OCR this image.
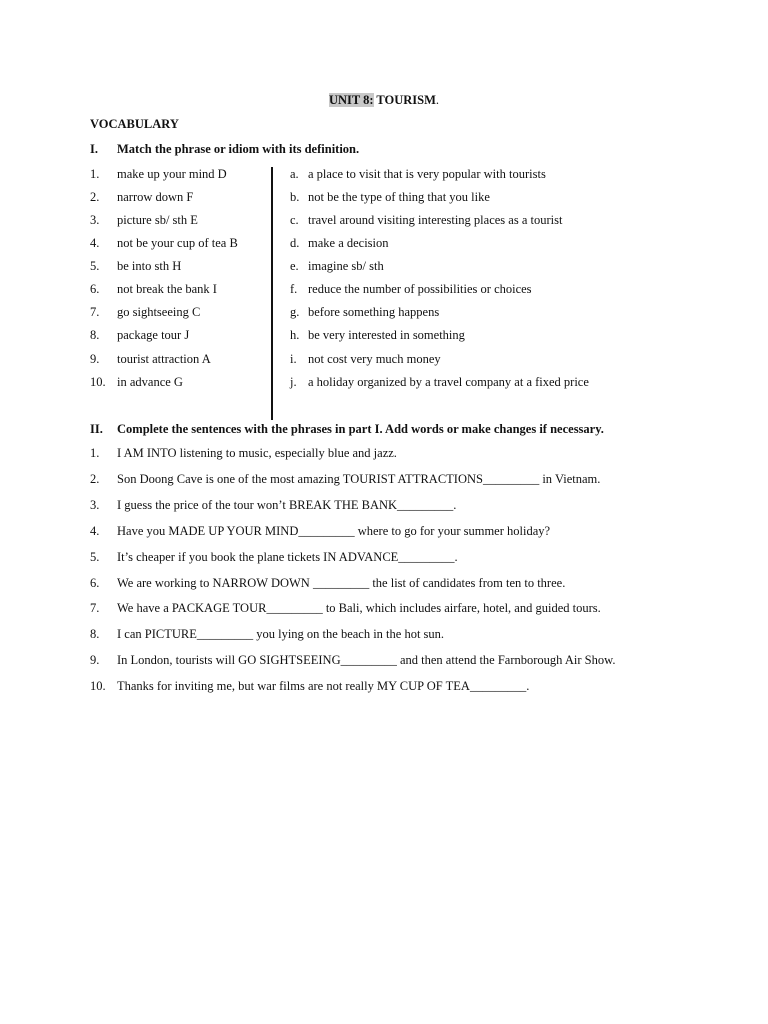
UNIT 8: TOURISM.
VOCABULARY
I. Match the phrase or idiom with its definition.
1. make up your mind D	a. a place to visit that is very popular with tourists
2. narrow down F	b. not be the type of thing that you like
3. picture sb/ sth E	c. travel around visiting interesting places as a tourist
4. not be your cup of tea B	d. make a decision
5. be into sth H	e. imagine sb/ sth
6. not break the bank I	f. reduce the number of possibilities or choices
7. go sightseeing C	g. before something happens
8. package tour J	h. be very interested in something
9. tourist attraction A	i. not cost very much money
10. in advance G	j. a holiday organized by a travel company at a fixed price
II. Complete the sentences with the phrases in part I. Add words or make changes if necessary.
1. I AM INTO listening to music, especially blue and jazz.
2. Son Doong Cave is one of the most amazing TOURIST ATTRACTIONS_________ in Vietnam.
3. I guess the price of the tour won’t BREAK THE BANK_________.
4. Have you MADE UP YOUR MIND_________ where to go for your summer holiday?
5. It’s cheaper if you book the plane tickets IN ADVANCE_________.
6. We are working to NARROW DOWN _________ the list of candidates from ten to three.
7. We have a PACKAGE TOUR_________ to Bali, which includes airfare, hotel, and guided tours.
8. I can PICTURE_________ you lying on the beach in the hot sun.
9. In London, tourists will GO SIGHTSEEING_________ and then attend the Farnborough Air Show.
10. Thanks for inviting me, but war films are not really MY CUP OF TEA_________.
